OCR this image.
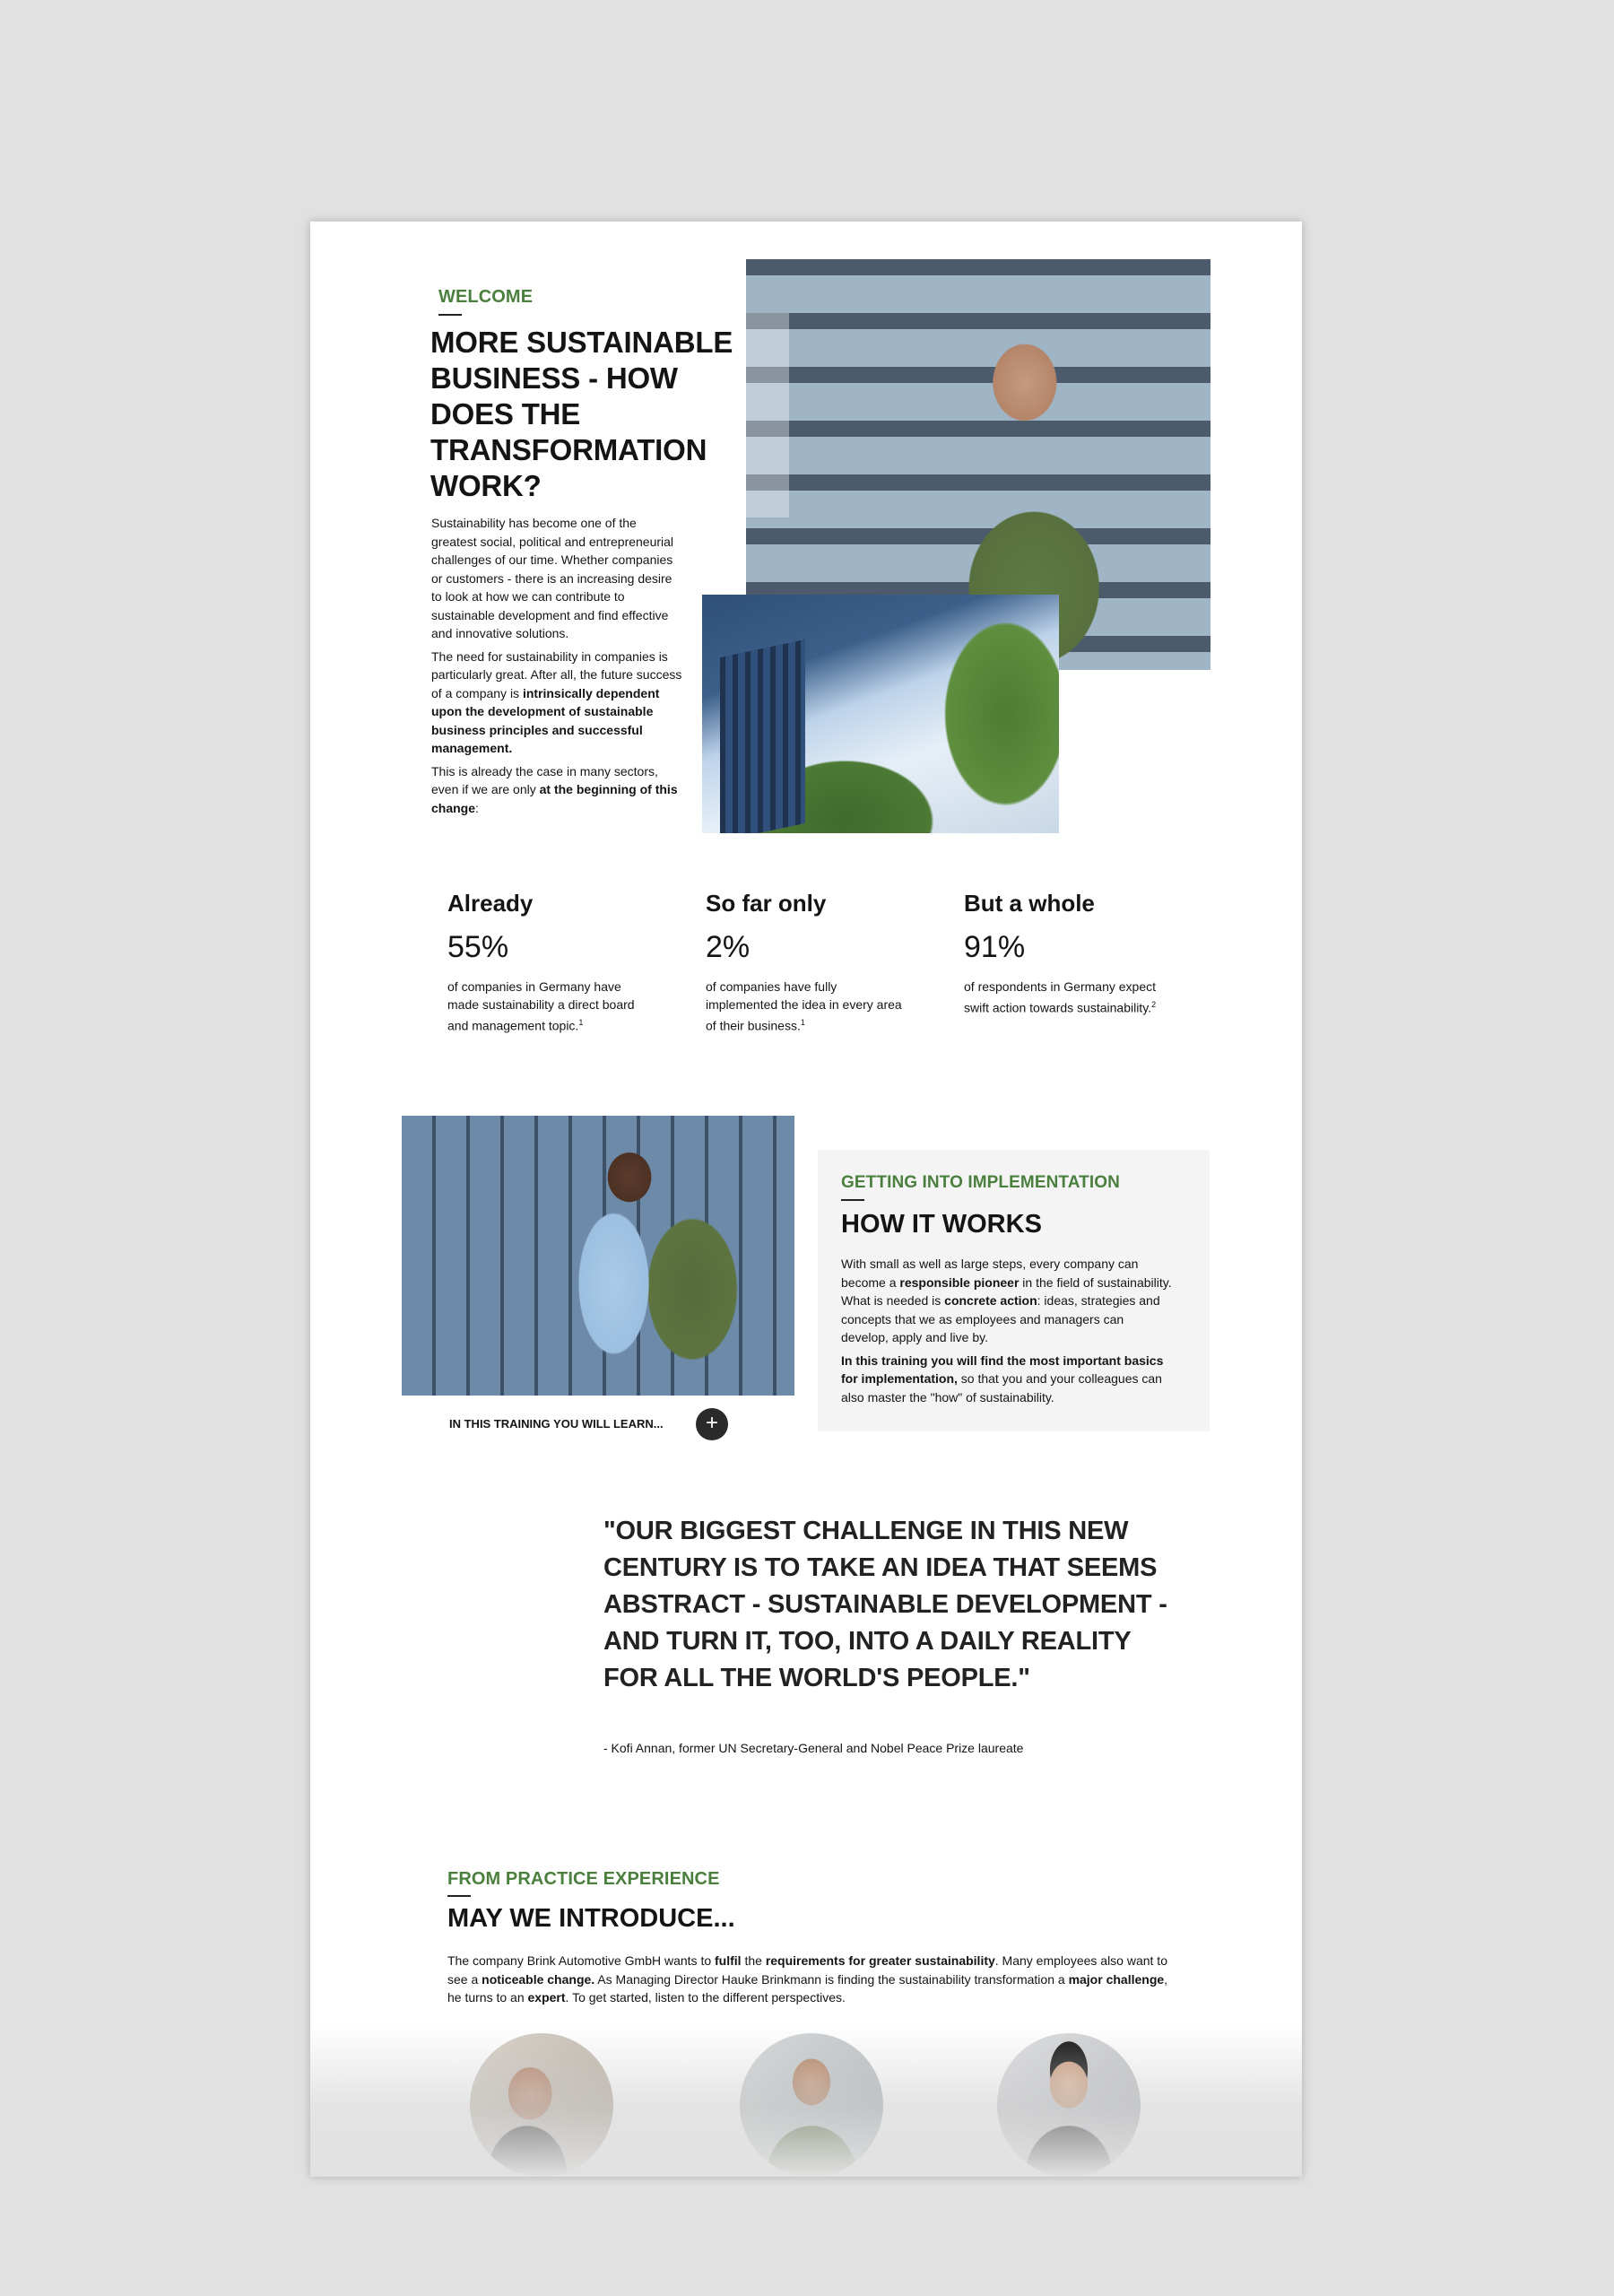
WELCOME
MORE SUSTAINABLE BUSINESS - HOW DOES THE TRANSFORMATION WORK?

Sustainability has become one of the greatest social, political and entrepreneurial challenges of our time. Whether companies or customers - there is an increasing desire to look at how we can contribute to sustainable development and find effective and innovative solutions.

The need for sustainability in companies is particularly great. After all, the future success of a company is intrinsically dependent upon the development of sustainable business principles and successful management.

This is already the case in many sectors, even if we are only at the beginning of this change:

Already
55%
of companies in Germany have made sustainability a direct board and management topic.$^1$
So far only
2%
of companies have fully implemented the idea in every area of their business.$^1$
But a whole
91%
of respondents in Germany expect swift action towards sustainability.$^2$
IN THIS TRAINING YOU WILL LEARN...	+
GETTING INTO IMPLEMENTATION
HOW IT WORKS

With small as well as large steps, every company can become a responsible pioneer in the field of sustainability. What is needed is concrete action: ideas, strategies and concepts that we as employees and managers can develop, apply and live by.

In this training you will find the most important basics for implementation, so that you and your colleagues can also master the "how" of sustainability.

"OUR BIGGEST CHALLENGE IN THIS NEW CENTURY IS TO TAKE AN IDEA THAT SEEMS ABSTRACT - SUSTAINABLE DEVELOPMENT - AND TURN IT, TOO, INTO A DAILY REALITY FOR ALL THE WORLD'S PEOPLE."
- Kofi Annan, former UN Secretary-General and Nobel Peace Prize laureate
FROM PRACTICE EXPERIENCE
MAY WE INTRODUCE...
The company Brink Automotive GmbH wants to fulfil the requirements for greater sustainability. Many employees also want to see a noticeable change. As Managing Director Hauke Brinkmann is finding the sustainability transformation a major challenge, he turns to an expert. To get started, listen to the different perspectives.
